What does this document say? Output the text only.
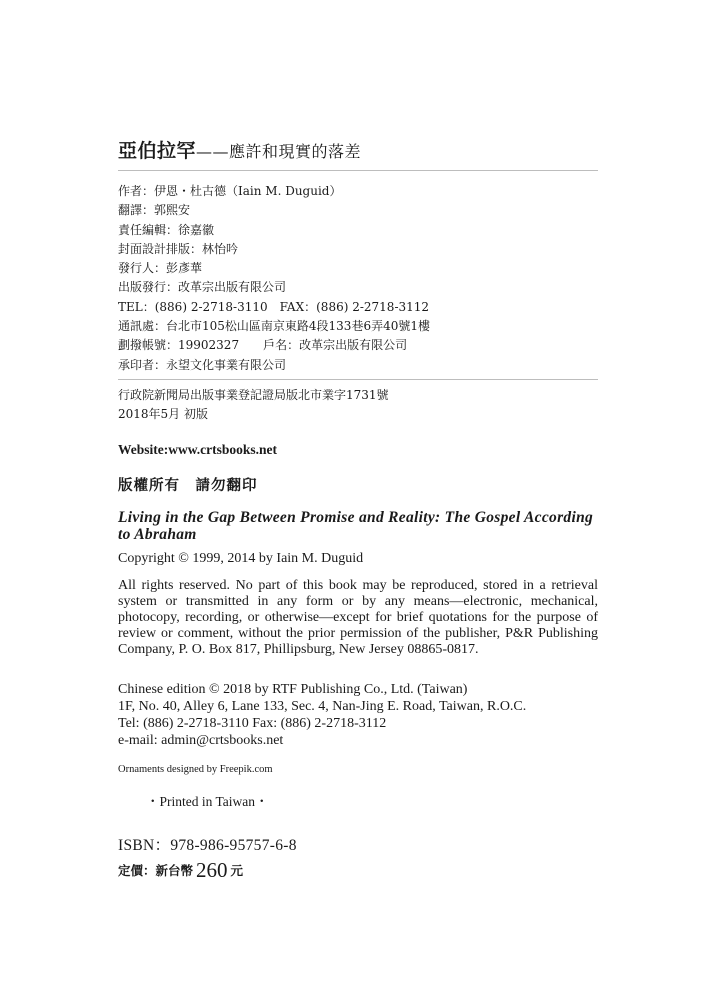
亞伯拉罕——應許和現實的落差
作者：伊恩・杜古德（Iain M. Duguid）
翻譯：郭熙安
責任編輯：徐嘉徽
封面設計排版：林怡吟
發行人：彭彥華
出版發行：改革宗出版有限公司
TEL：(886) 2-2718-3110　FAX：(886) 2-2718-3112
通訊處：台北市105松山區南京東路4段133巷6弄40號1樓
劃撥帳號：19902327　　戶名：改革宗出版有限公司
承印者：永望文化事業有限公司
行政院新聞局出版事業登記證局版北市業字1731號
2018年5月 初版
Website:www.crtsbooks.net
版權所有　請勿翻印
Living in the Gap Between Promise and Reality: The Gospel According to Abraham
Copyright © 1999, 2014 by Iain M. Duguid
All rights reserved. No part of this book may be reproduced, stored in a retrieval system or transmitted in any form or by any means—electronic, mechanical, photocopy, recording, or otherwise—except for brief quotations for the purpose of review or comment, without the prior permission of the publisher, P&R Publishing Company, P. O. Box 817, Phillipsburg, New Jersey 08865-0817.
Chinese edition © 2018 by RTF Publishing Co., Ltd. (Taiwan)
1F, No. 40, Alley 6, Lane 133, Sec. 4, Nan-Jing E. Road, Taiwan, R.O.C.
Tel: (886) 2-2718-3110 Fax: (886) 2-2718-3112
e-mail: admin@crtsbooks.net
Ornaments designed by Freepik.com
・Printed in Taiwan・
ISBN：978-986-95757-6-8
定價：新台幣 260 元
